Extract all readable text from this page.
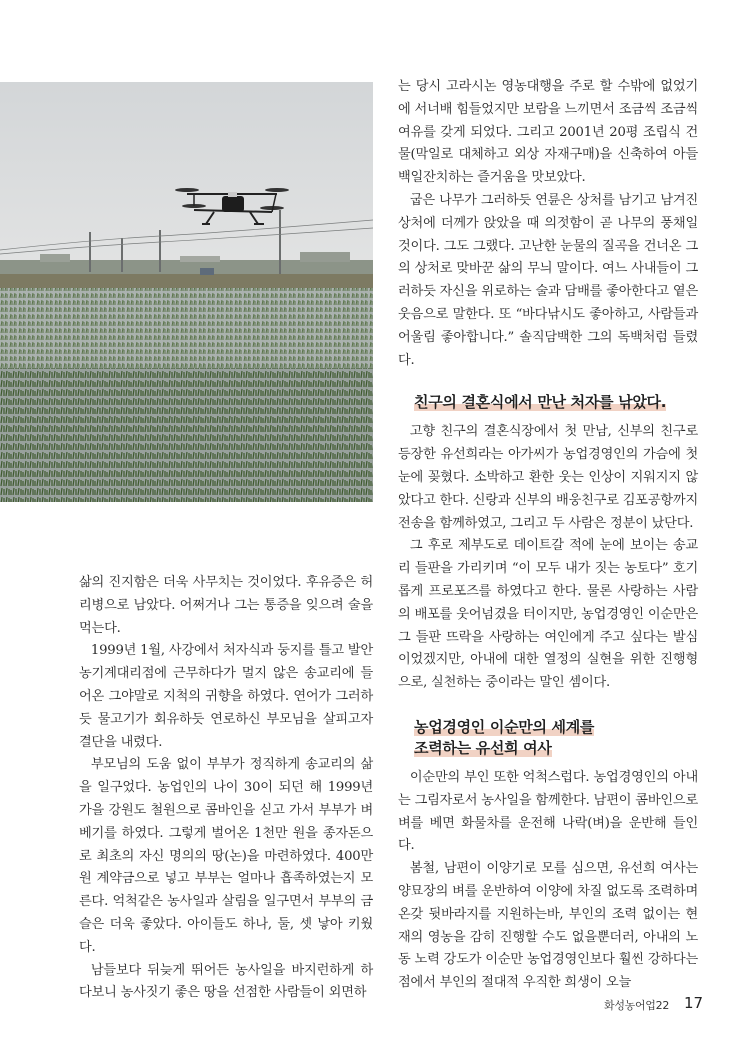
삶의 진지함은 더욱 사무치는 것이었다. 후유증은 허리병으로 남았다. 어쩌거나 그는 통증을 잊으려 술을 먹는다.

1999년 1월, 사강에서 처자식과 둥지를 틀고 발안 농기계대리점에 근무하다가 멀지 않은 송교리에 들어온 그야말로 지척의 귀향을 하였다. 연어가 그러하듯 물고기가 회유하듯 연로하신 부모님을 살피고자 결단을 내렸다.

부모님의 도움 없이 부부가 정직하게 송교리의 삶을 일구었다. 농업인의 나이 30이 되던 해 1999년 가을 강원도 철원으로 콤바인을 싣고 가서 부부가 벼베기를 하였다. 그렇게 벌어온 1천만 원을 종자돈으로 최초의 자신 명의의 땅(논)을 마련하였다. 400만 원 계약금으로 넣고 부부는 얼마나 흡족하였는지 모른다. 억척같은 농사일과 살림을 일구면서 부부의 금슬은 더욱 좋았다. 아이들도 하나, 둘, 셋 낳아 키웠다.

남들보다 뒤늦게 뛰어든 농사일을 바지런하게 하다보니 농사짓기 좋은 땅을 선점한 사람들이 외면하

는 당시 고라시논 영농대행을 주로 할 수밖에 없었기에 서너배 힘들었지만 보람을 느끼면서 조금씩 조금씩 여유를 갖게 되었다. 그리고 2001년 20평 조립식 건물(막일로 대체하고 외상 자재구매)을 신축하여 아들 백일잔치하는 즐거움을 맛보았다.

굽은 나무가 그러하듯 연륜은 상처를 남기고 남겨진 상처에 더께가 앉았을 때 의젓함이 곧 나무의 풍채일 것이다. 그도 그랬다. 고난한 눈물의 질곡을 건너온 그의 상처로 맞바꾼 삶의 무늬 말이다. 여느 사내들이 그러하듯 자신을 위로하는 술과 담배를 좋아한다고 옅은 웃음으로 말한다. 또 “바다낚시도 좋아하고, 사람들과 어울림 좋아합니다.” 솔직담백한 그의 독백처럼 들렸다.

친구의 결혼식에서 만난 처자를 낚았다.

고향 친구의 결혼식장에서 첫 만남, 신부의 친구로 등장한 유선희라는 아가씨가 농업경영인의 가슴에 첫눈에 꽂혔다. 소박하고 환한 웃는 인상이 지워지지 않았다고 한다. 신랑과 신부의 배웅친구로 김포공항까지 전송을 함께하였고, 그리고 두 사람은 정분이 났단다.

그 후로 제부도로 데이트갈 적에 눈에 보이는 송교리 들판을 가리키며 “이 모두 내가 짓는 농토다” 호기롭게 프로포즈를 하였다고 한다. 물론 사랑하는 사람의 배포를 웃어넘겼을 터이지만, 농업경영인 이순만은 그 들판 뜨락을 사랑하는 여인에게 주고 싶다는 발심이었겠지만, 아내에 대한 열정의 실현을 위한 진행형으로, 실천하는 중이라는 말인 셈이다.

농업경영인 이순만의 세계를
조력하는 유선희 여사

이순만의 부인 또한 억척스럽다. 농업경영인의 아내는 그림자로서 농사일을 함께한다. 남편이 콤바인으로 벼를 베면 화물차를 운전해 나락(벼)을 운반해 들인다.

봄철, 남편이 이양기로 모를 심으면, 유선희 여사는 양묘장의 벼를 운반하여 이양에 차질 없도록 조력하며 온갖 뒷바라지를 지원하는바, 부인의 조력 없이는 현재의 영농을 감히 진행할 수도 없을뿐더러, 아내의 노동 노력 강도가 이순만 농업경영인보다 훨씬 강하다는 점에서 부인의 절대적 우직한 희생이 오늘

화성농어업22 17
